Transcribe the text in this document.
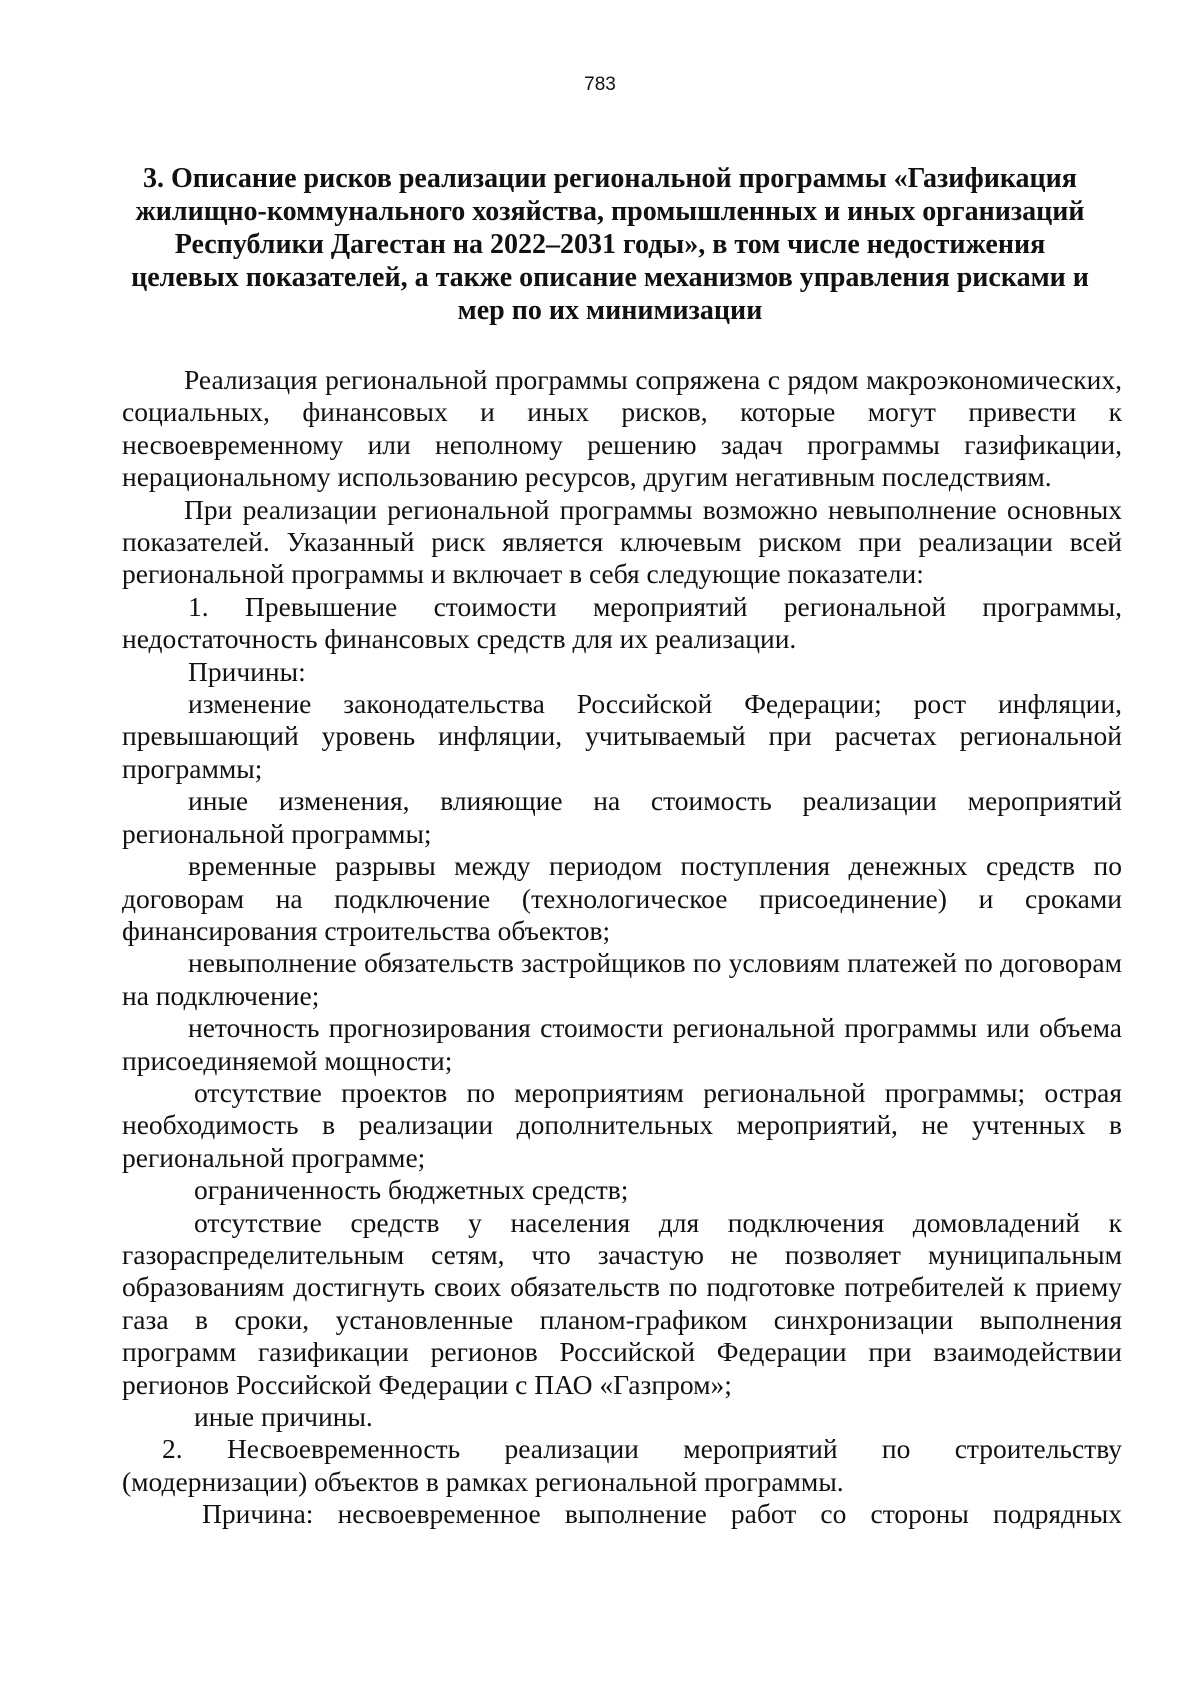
783
3. Описание рисков реализации региональной программы «Газификация жилищно-коммунального хозяйства, промышленных и иных организаций Республики Дагестан на 2022–2031 годы», в том числе недостижения целевых показателей, а также описание механизмов управления рисками и мер по их минимизации

Реализация региональной программы сопряжена с рядом макроэкономических, социальных, финансовых и иных рисков, которые могут привести к несвоевременному или неполному решению задач программы газификации, нерациональному использованию ресурсов, другим негативным последствиям.

При реализации региональной программы возможно невыполнение основных показателей. Указанный риск является ключевым риском при реализации всей региональной программы и включает в себя следующие показатели:

1. Превышение стоимости мероприятий региональной программы, недостаточность финансовых средств для их реализации.

Причины:

изменение законодательства Российской Федерации; рост инфляции, превышающий уровень инфляции, учитываемый при расчетах региональной программы;

иные изменения, влияющие на стоимость реализации мероприятий региональной программы;

временные разрывы между периодом поступления денежных средств по договорам на подключение (технологическое присоединение) и сроками финансирования строительства объектов;

невыполнение обязательств застройщиков по условиям платежей по договорам на подключение;

неточность прогнозирования стоимости региональной программы или объема присоединяемой мощности;

отсутствие проектов по мероприятиям региональной программы; острая необходимость в реализации дополнительных мероприятий, не учтенных в региональной программе;

ограниченность бюджетных средств;

отсутствие средств у населения для подключения домовладений к газораспределительным сетям, что зачастую не позволяет муниципальным образованиям достигнуть своих обязательств по подготовке потребителей к приему газа в сроки, установленные планом-графиком синхронизации выполнения программ газификации регионов Российской Федерации при взаимодействии регионов Российской Федерации с ПАО «Газпром»;

иные причины.

2. Несвоевременность реализации мероприятий по строительству (модернизации) объектов в рамках региональной программы.

Причина: несвоевременное выполнение работ со стороны подрядных
